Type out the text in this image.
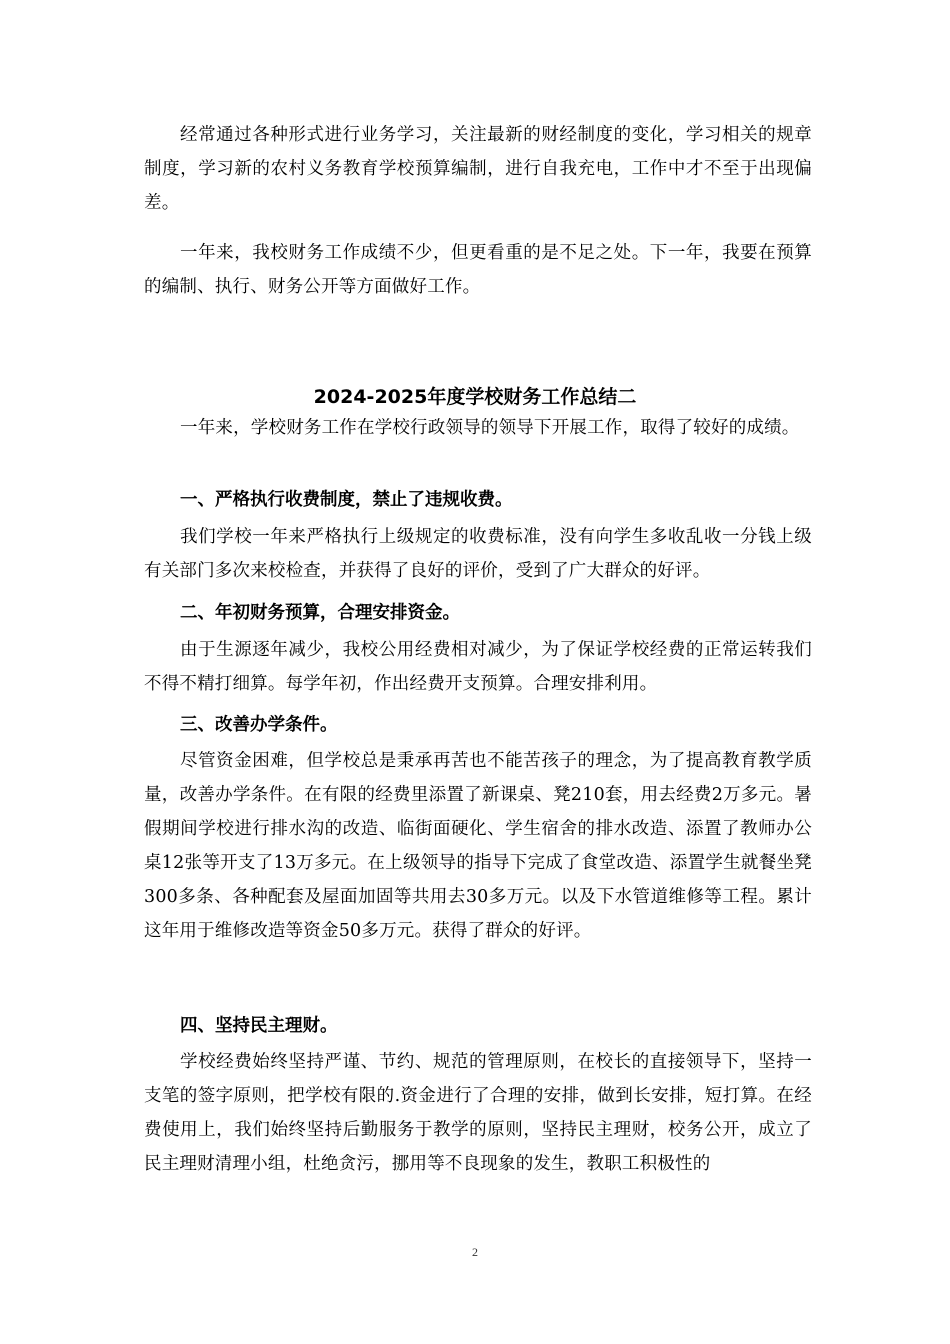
经常通过各种形式进行业务学习，关注最新的财经制度的变化，学习相关的规章制度，学习新的农村义务教育学校预算编制，进行自我充电，工作中才不至于出现偏差。

一年来，我校财务工作成绩不少，但更看重的是不足之处。下一年，我要在预算的编制、执行、财务公开等方面做好工作。

2024-2025年度学校财务工作总结二

一年来，学校财务工作在学校行政领导的领导下开展工作，取得了较好的成绩。

一、严格执行收费制度，禁止了违规收费。

我们学校一年来严格执行上级规定的收费标准，没有向学生多收乱收一分钱上级有关部门多次来校检查，并获得了良好的评价，受到了广大群众的好评。

二、年初财务预算，合理安排资金。

由于生源逐年减少，我校公用经费相对减少，为了保证学校经费的正常运转我们不得不精打细算。每学年初，作出经费开支预算。合理安排利用。

三、改善办学条件。

尽管资金困难，但学校总是秉承再苦也不能苦孩子的理念，为了提高教育教学质量，改善办学条件。在有限的经费里添置了新课桌、凳210套，用去经费2万多元。暑假期间学校进行排水沟的改造、临街面硬化、学生宿舍的排水改造、添置了教师办公桌12张等开支了13万多元。在上级领导的指导下完成了食堂改造、添置学生就餐坐凳300多条、各种配套及屋面加固等共用去30多万元。以及下水管道维修等工程。累计这年用于维修改造等资金50多万元。获得了群众的好评。

四、坚持民主理财。

学校经费始终坚持严谨、节约、规范的管理原则，在校长的直接领导下，坚持一支笔的签字原则，把学校有限的.资金进行了合理的安排，做到长安排，短打算。在经费使用上，我们始终坚持后勤服务于教学的原则，坚持民主理财，校务公开，成立了民主理财清理小组，杜绝贪污，挪用等不良现象的发生，教职工积极性的

2
